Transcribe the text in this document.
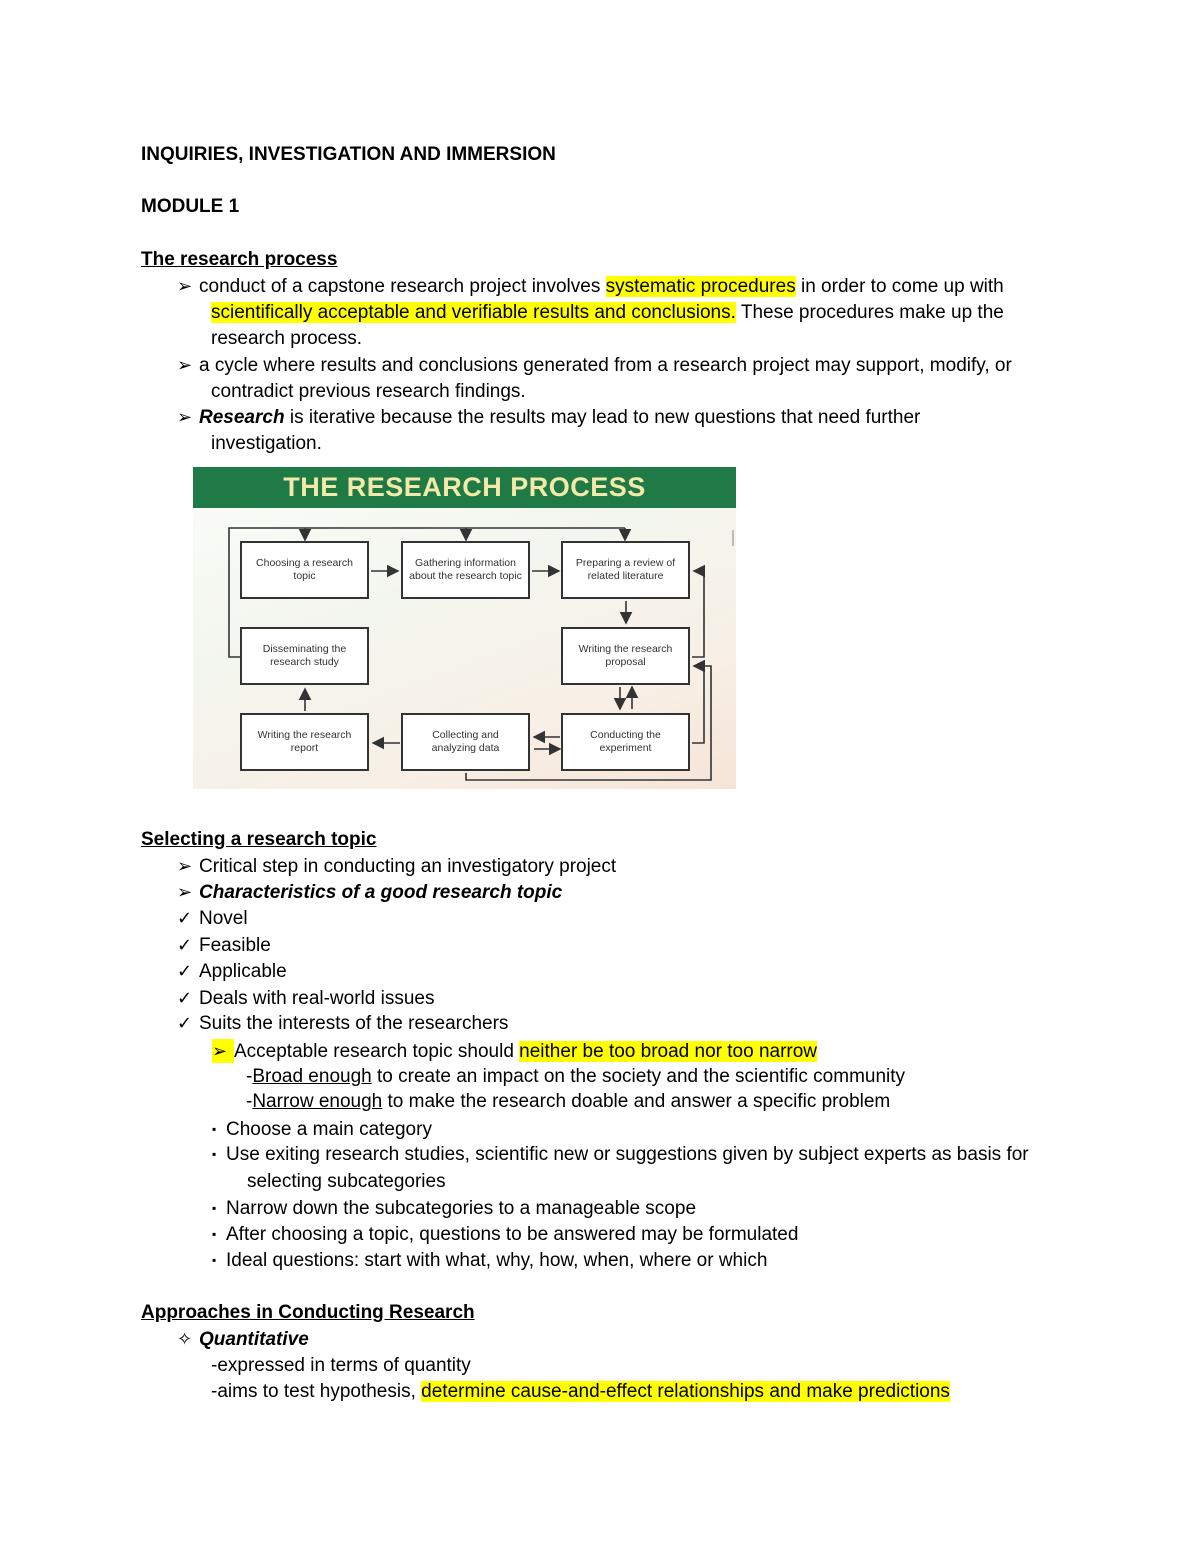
INQUIRIES, INVESTIGATION AND IMMERSION
MODULE 1
The research process
➢ conduct of a capstone research project involves systematic procedures in order to come up with
scientifically acceptable and verifiable results and conclusions. These procedures make up the
research process.
➢ a cycle where results and conclusions generated from a research project may support, modify, or
contradict previous research findings.
➢ Research is iterative because the results may lead to new questions that need further
investigation.
THE RESEARCH PROCESS
Choosing a research topic
Gathering information about the research topic
Preparing a review of related literature
Writing the research proposal
Disseminating the research study
Writing the research report
Collecting and analyzing data
Conducting the experiment
Selecting a research topic
➢ Critical step in conducting an investigatory project
➢ Characteristics of a good research topic
✓ Novel
✓ Feasible
✓ Applicable
✓ Deals with real-world issues
✓ Suits the interests of the researchers
➢ Acceptable research topic should neither be too broad nor too narrow
-Broad enough to create an impact on the society and the scientific community
-Narrow enough to make the research doable and answer a specific problem
▪ Choose a main category
▪ Use exiting research studies, scientific new or suggestions given by subject experts as basis for
selecting subcategories
▪ Narrow down the subcategories to a manageable scope
▪ After choosing a topic, questions to be answered may be formulated
▪ Ideal questions: start with what, why, how, when, where or which
Approaches in Conducting Research
✧ Quantitative
-expressed in terms of quantity
-aims to test hypothesis, determine cause-and-effect relationships and make predictions
